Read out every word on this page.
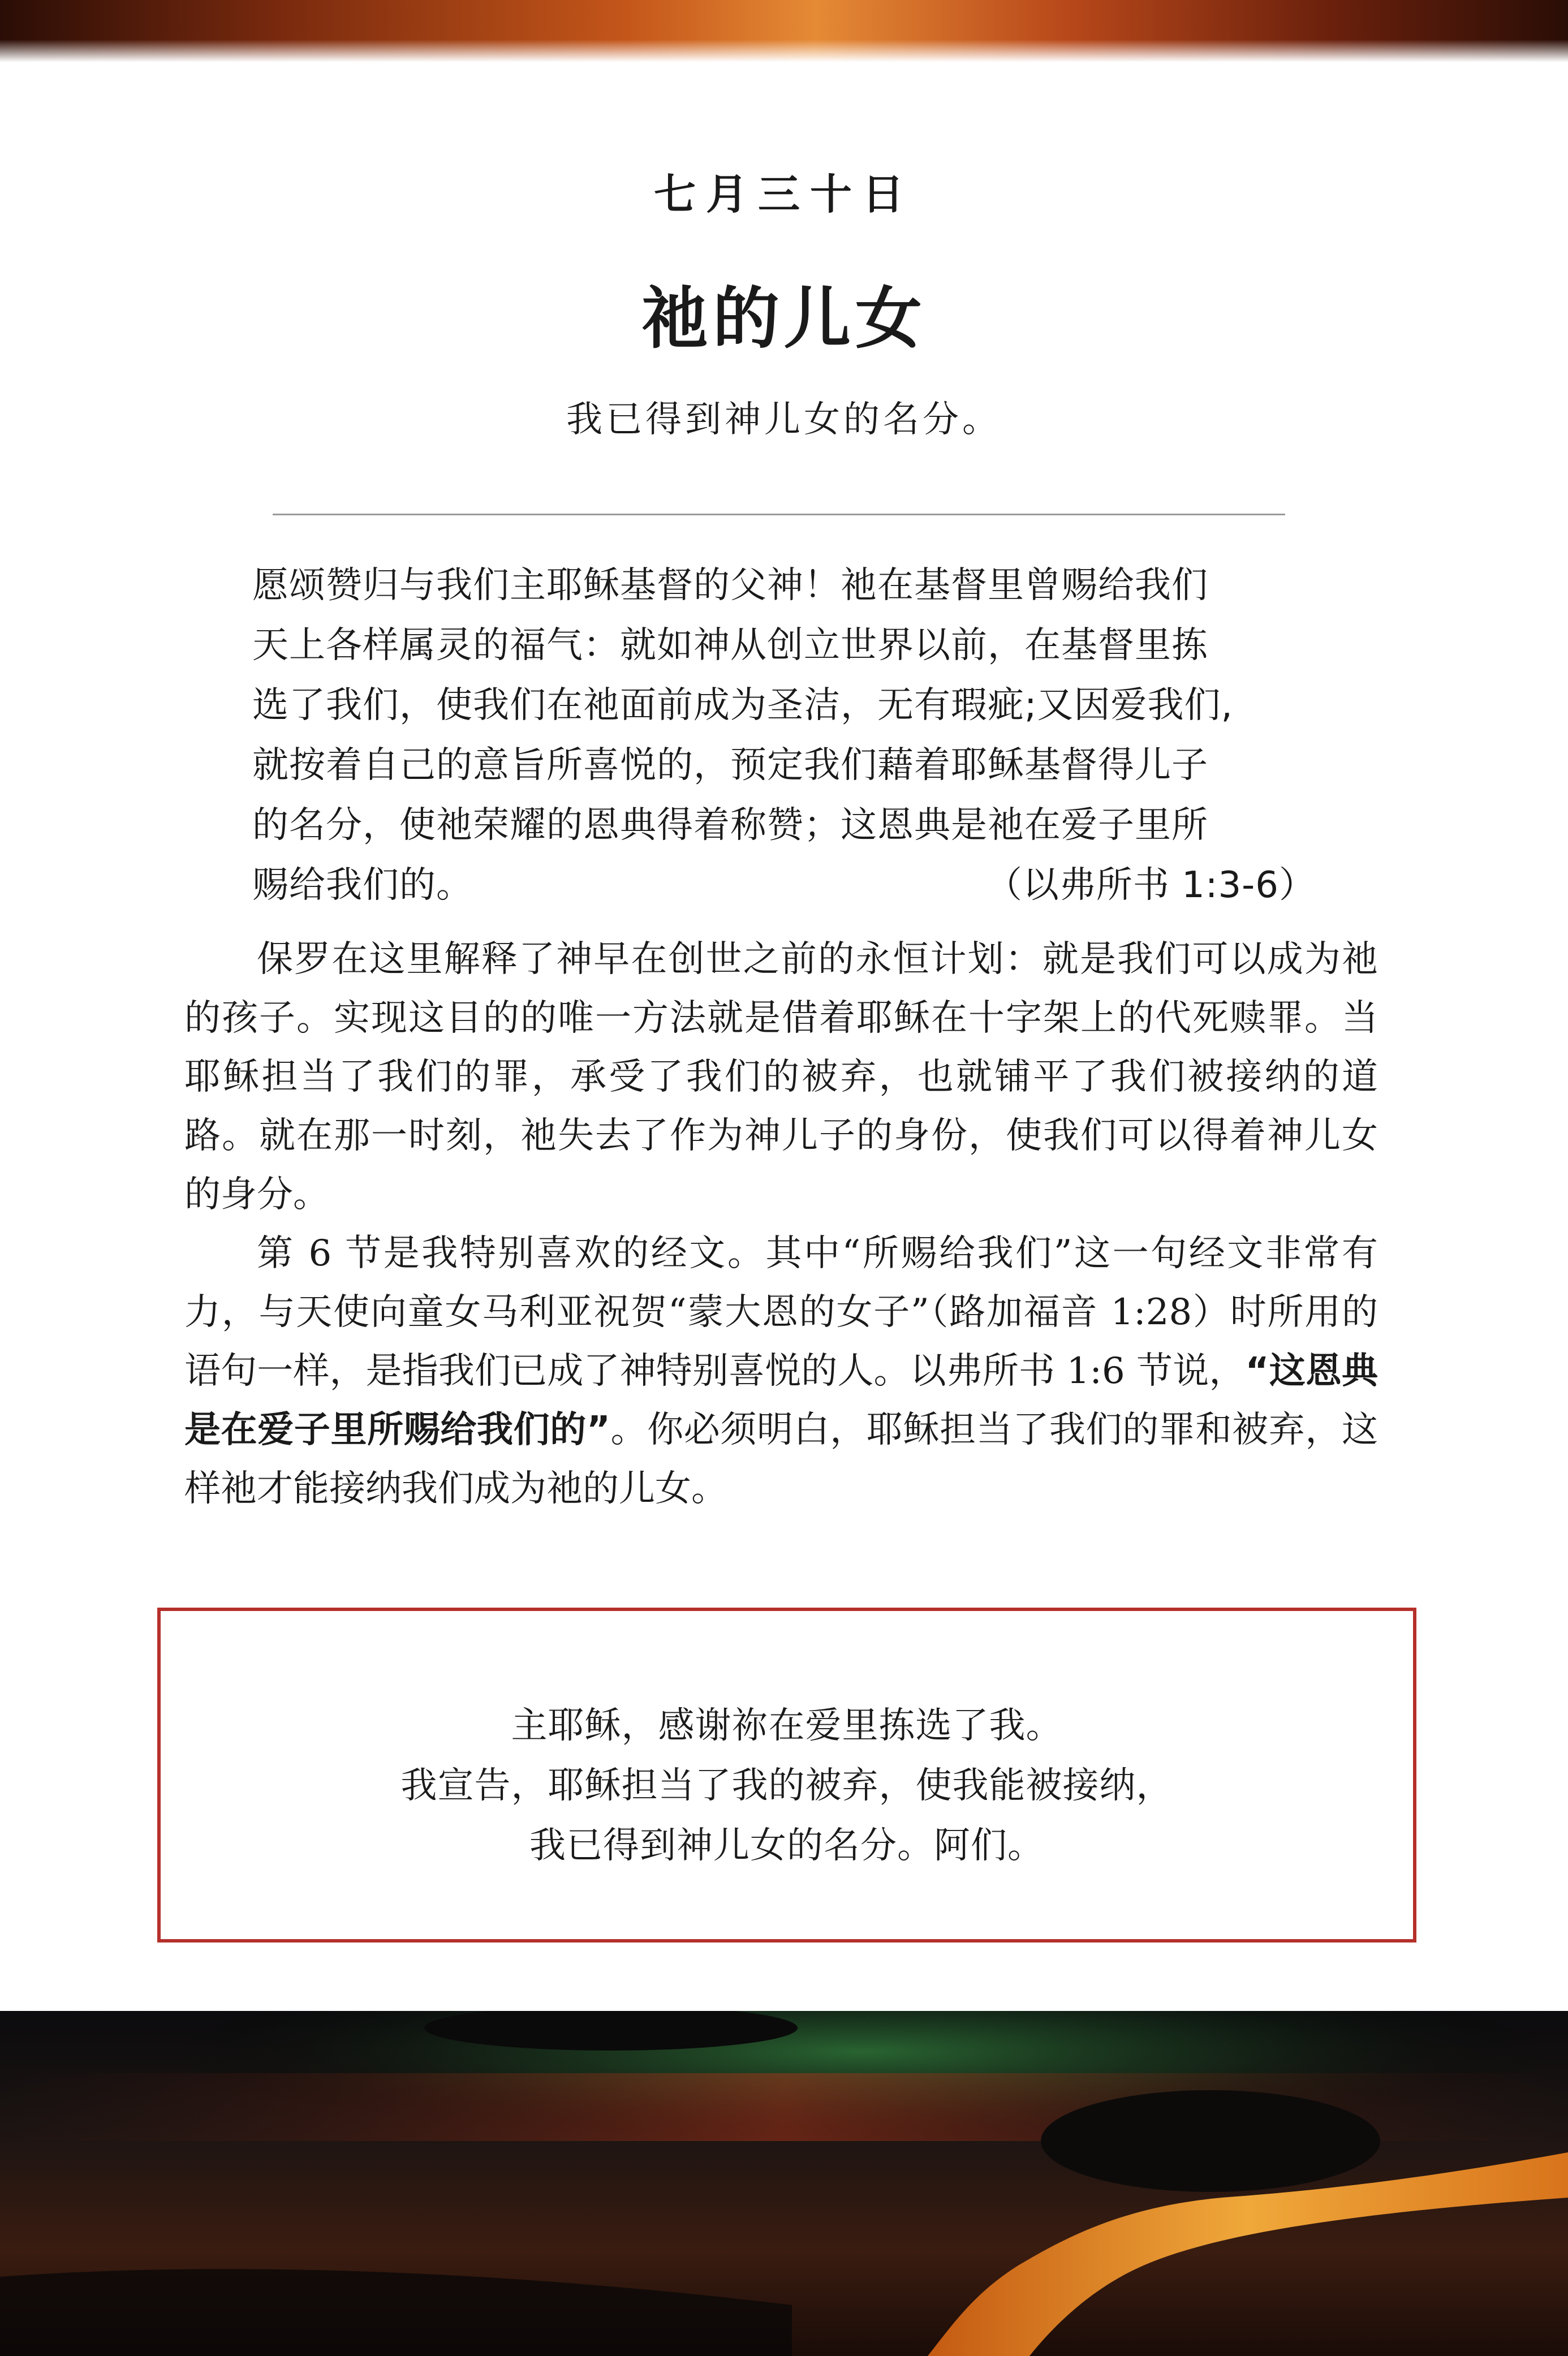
七月三十日
祂的儿女
我已得到神儿女的名分。

愿颂赞归与我们主耶稣基督的父神！祂在基督里曾赐给我们

天上各样属灵的福气：就如神从创立世界以前，在基督里拣

选了我们，使我们在祂面前成为圣洁，无有瑕疵;又因爱我们,

就按着自己的意旨所喜悦的，预定我们藉着耶稣基督得儿子

的名分，使祂荣耀的恩典得着称赞；这恩典是祂在爱子里所

赐给我们的。	（以弗所书 1:3-6）

保罗在这里解释了神早在创世之前的永恒计划：就是我们可以成为祂的孩子。实现这目的的唯一方法就是借着耶稣在十字架上的代死赎罪。当耶稣担当了我们的罪，承受了我们的被弃，也就铺平了我们被接纳的道路。就在那一时刻，祂失去了作为神儿子的身份，使我们可以得着神儿女的身分。

第 6 节是我特别喜欢的经文。其中“所赐给我们”这一句经文非常有力，与天使向童女马利亚祝贺“蒙大恩的女子”（路加福音 1:28）时所用的语句一样，是指我们已成了神特别喜悦的人。以弗所书 1:6 节说，“这恩典是在爱子里所赐给我们的”。你必须明白，耶稣担当了我们的罪和被弃，这样祂才能接纳我们成为祂的儿女。

主耶稣，感谢祢在爱里拣选了我。
我宣告，耶稣担当了我的被弃，使我能被接纳，
我已得到神儿女的名分。阿们。
